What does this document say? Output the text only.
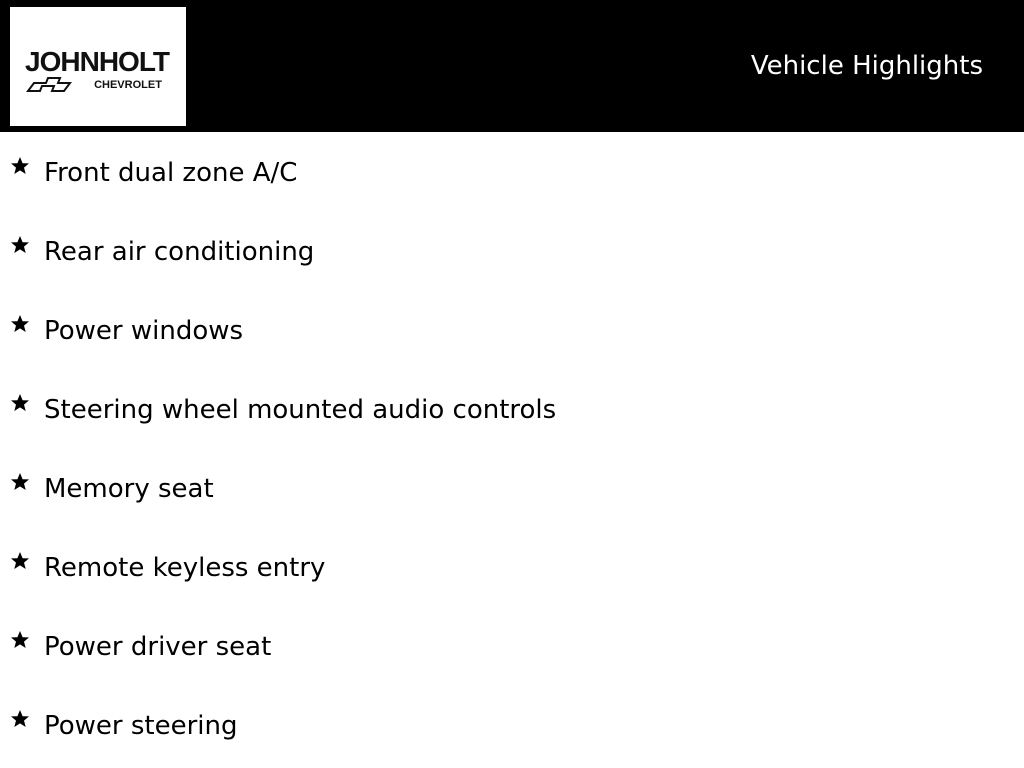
JOHNHOLT
CHEVROLET
Vehicle Highlights
Front dual zone A/C
Rear air conditioning
Power windows
Steering wheel mounted audio controls
Memory seat
Remote keyless entry
Power driver seat
Power steering
